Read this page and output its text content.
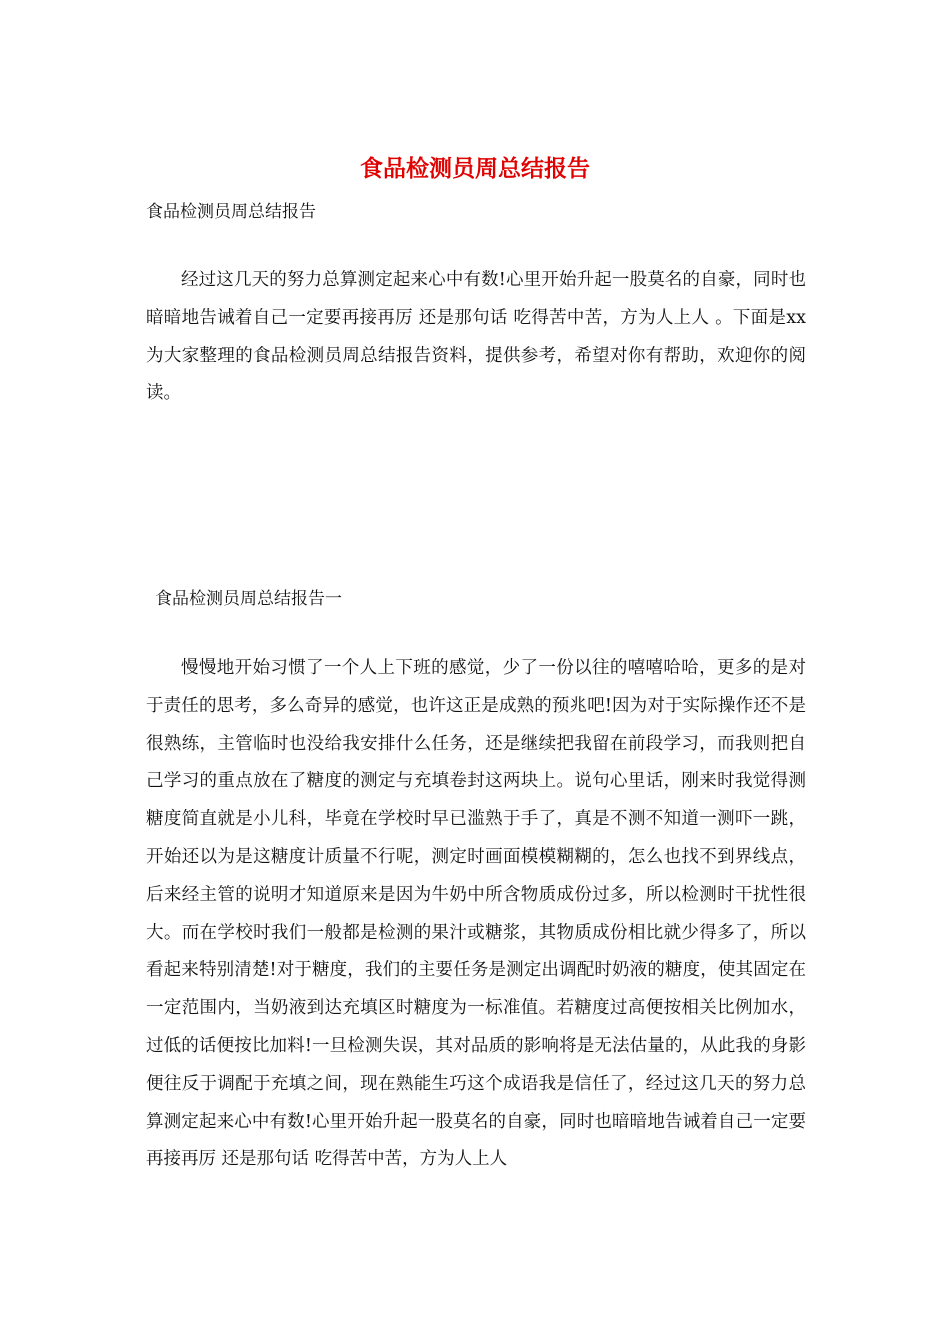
食品检测员周总结报告

食品检测员周总结报告

经过这几天的努力总算测定起来心中有数!心里开始升起一股莫名的自豪，同时也暗暗地告诫着自己一定要再接再厉 还是那句话 吃得苦中苦，方为人上人 。下面是xx为大家整理的食品检测员周总结报告资料，提供参考，希望对你有帮助，欢迎你的阅读。

食品检测员周总结报告一

慢慢地开始习惯了一个人上下班的感觉，少了一份以往的嘻嘻哈哈，更多的是对于责任的思考，多么奇异的感觉，也许这正是成熟的预兆吧!因为对于实际操作还不是很熟练，主管临时也没给我安排什么任务，还是继续把我留在前段学习，而我则把自己学习的重点放在了糖度的测定与充填卷封这两块上。说句心里话，刚来时我觉得测糖度简直就是小儿科，毕竟在学校时早已滥熟于手了，真是不测不知道一测吓一跳，开始还以为是这糖度计质量不行呢，测定时画面模模糊糊的，怎么也找不到界线点，后来经主管的说明才知道原来是因为牛奶中所含物质成份过多，所以检测时干扰性很大。而在学校时我们一般都是检测的果汁或糖浆，其物质成份相比就少得多了，所以看起来特别清楚!对于糖度，我们的主要任务是测定出调配时奶液的糖度，使其固定在一定范围内，当奶液到达充填区时糖度为一标准值。若糖度过高便按相关比例加水，过低的话便按比加料!一旦检测失误，其对品质的影响将是无法估量的，从此我的身影便往反于调配于充填之间，现在熟能生巧这个成语我是信任了，经过这几天的努力总算测定起来心中有数!心里开始升起一股莫名的自豪，同时也暗暗地告诫着自己一定要再接再厉 还是那句话 吃得苦中苦，方为人上人
